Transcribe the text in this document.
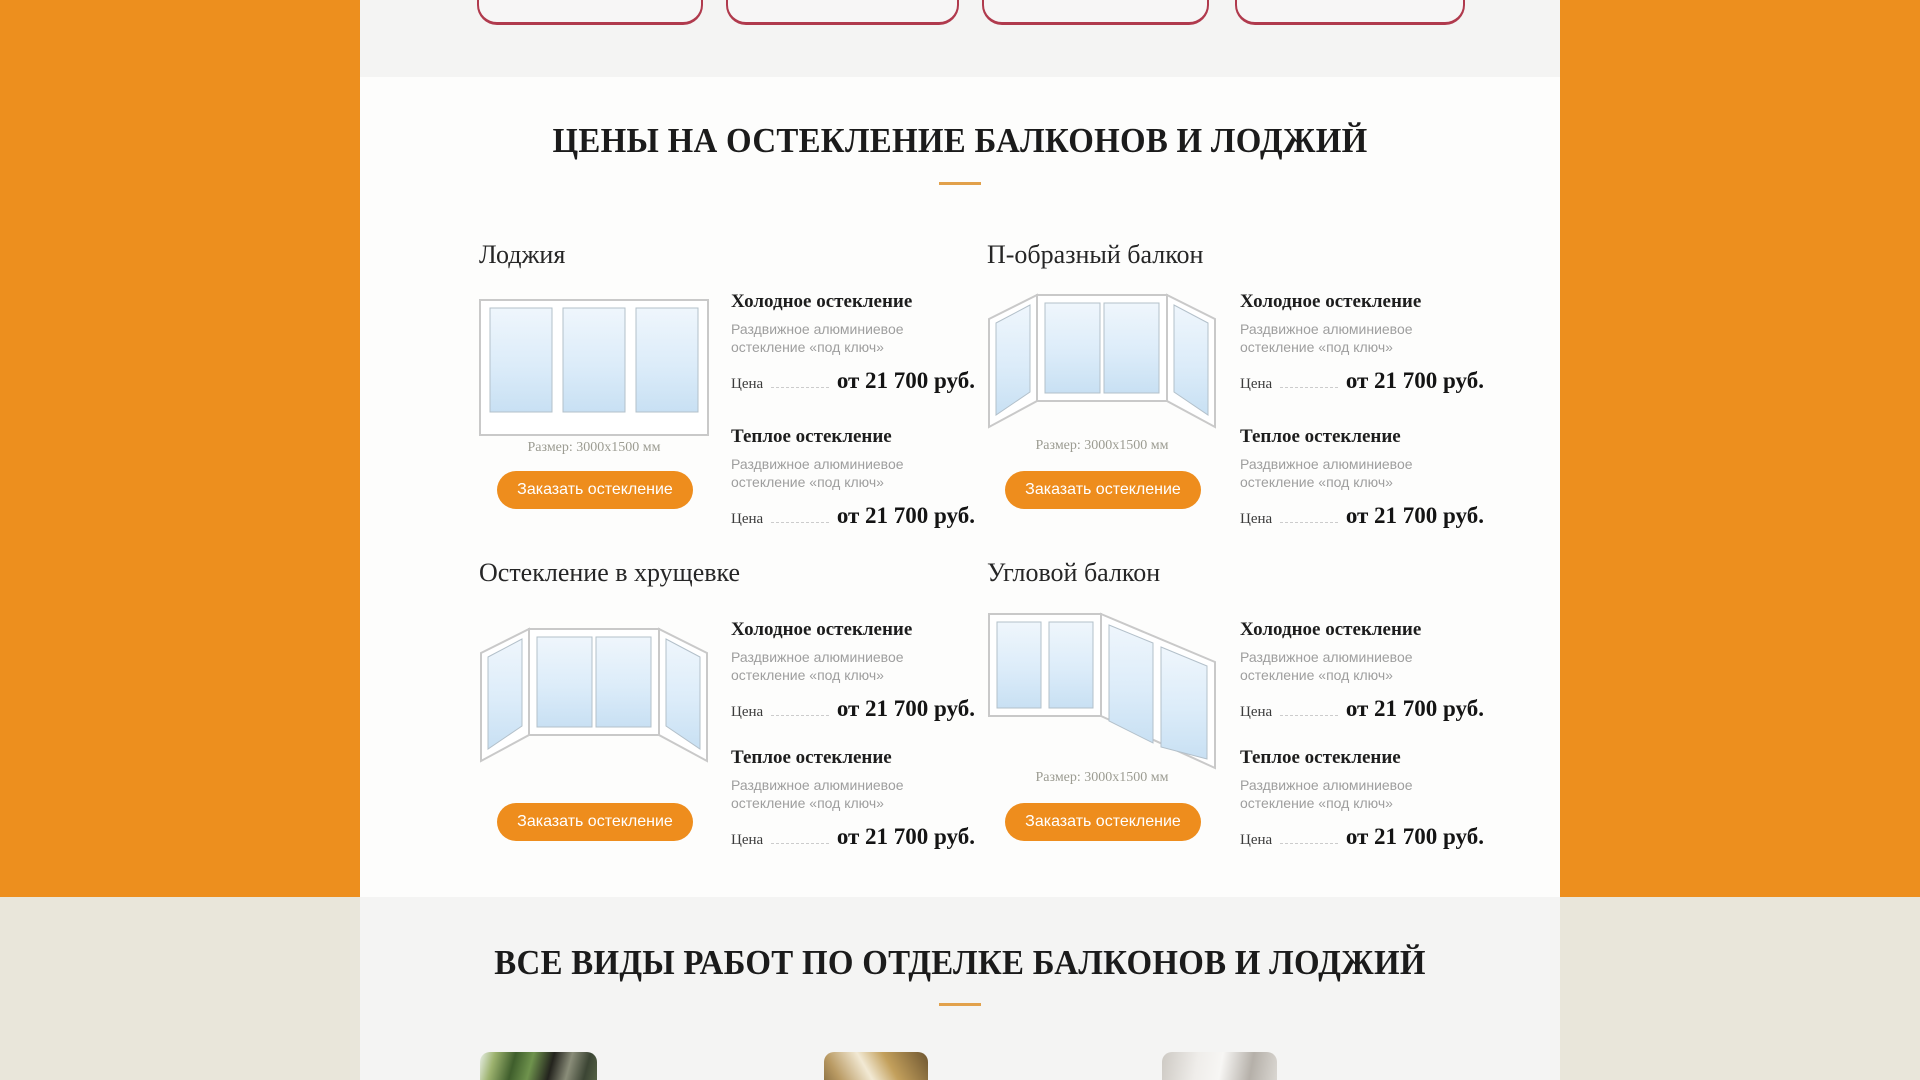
ЦЕНЫ НА ОСТЕКЛЕНИЕ БАЛКОНОВ И ЛОДЖИЙ
Лоджия
Размер: 3000х1500 мм
Заказать остекление
Холодное остекление
Раздвижное алюминиевое остекление «под ключ»
Цена	от 21 700 руб.
Теплое остекление
Раздвижное алюминиевое остекление «под ключ»
Цена	от 21 700 руб.
П-образный балкон
Размер: 3000х1500 мм
Заказать остекление
Холодное остекление
Раздвижное алюминиевое остекление «под ключ»
Цена	от 21 700 руб.
Теплое остекление
Раздвижное алюминиевое остекление «под ключ»
Цена	от 21 700 руб.
Остекление в хрущевке
Заказать остекление
Холодное остекление
Раздвижное алюминиевое остекление «под ключ»
Цена	от 21 700 руб.
Теплое остекление
Раздвижное алюминиевое остекление «под ключ»
Цена	от 21 700 руб.
Угловой балкон
Размер: 3000х1500 мм
Заказать остекление
Холодное остекление
Раздвижное алюминиевое остекление «под ключ»
Цена	от 21 700 руб.
Теплое остекление
Раздвижное алюминиевое остекление «под ключ»
Цена	от 21 700 руб.
ВСЕ ВИДЫ РАБОТ ПО ОТДЕЛКЕ БАЛКОНОВ И ЛОДЖИЙ
